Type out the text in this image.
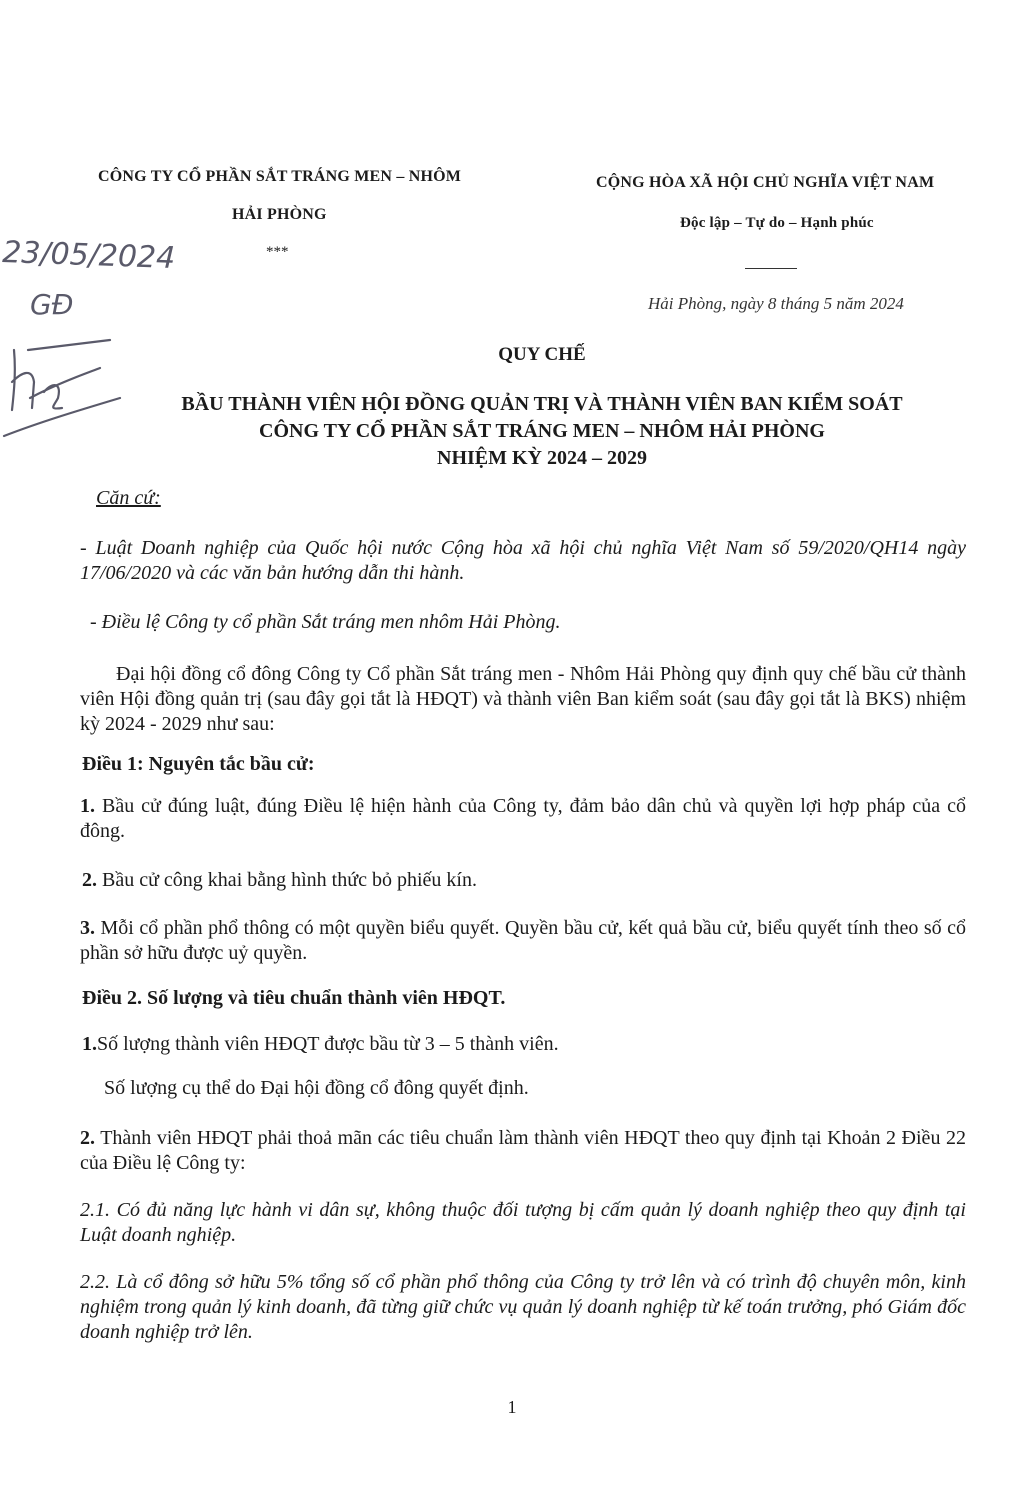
CÔNG TY CỔ PHẦN SẮT TRÁNG MEN – NHÔM
HẢI PHÒNG
***
CỘNG HÒA XÃ HỘI CHỦ NGHĨA VIỆT NAM
Độc lập – Tự do – Hạnh phúc
Hải Phòng, ngày 8 tháng 5 năm 2024
23/05/2024
GĐ
QUY CHẾ
BẦU THÀNH VIÊN HỘI ĐỒNG QUẢN TRỊ VÀ THÀNH VIÊN BAN KIỂM SOÁT
CÔNG TY CỔ PHẦN SẮT TRÁNG MEN – NHÔM HẢI PHÒNG
NHIỆM KỲ 2024 – 2029
Căn cứ:
- Luật Doanh nghiệp của Quốc hội nước Cộng hòa xã hội chủ nghĩa Việt Nam số 59/2020/QH14 ngày 17/06/2020 và các văn bản hướng dẫn thi hành.
- Điều lệ Công ty cổ phần Sắt tráng men nhôm Hải Phòng.
Đại hội đồng cổ đông Công ty Cổ phần Sắt tráng men - Nhôm Hải Phòng quy định quy chế bầu cử thành viên Hội đồng quản trị (sau đây gọi tắt là HĐQT) và thành viên Ban kiểm soát (sau đây gọi tắt là BKS) nhiệm kỳ 2024 - 2029 như sau:
Điều 1: Nguyên tắc bầu cử:
1. Bầu cử đúng luật, đúng Điều lệ hiện hành của Công ty, đảm bảo dân chủ và quyền lợi hợp pháp của cổ đông.
2. Bầu cử công khai bằng hình thức bỏ phiếu kín.
3. Mỗi cổ phần phổ thông có một quyền biểu quyết. Quyền bầu cử, kết quả bầu cử, biểu quyết tính theo số cổ phần sở hữu được uỷ quyền.
Điều 2. Số lượng và tiêu chuẩn thành viên HĐQT.
1.Số lượng thành viên HĐQT được bầu từ 3 – 5 thành viên.
Số lượng cụ thể do Đại hội đồng cổ đông quyết định.
2. Thành viên HĐQT phải thoả mãn các tiêu chuẩn làm thành viên HĐQT theo quy định tại Khoản 2 Điều 22 của Điều lệ Công ty:
2.1. Có đủ năng lực hành vi dân sự, không thuộc đối tượng bị cấm quản lý doanh nghiệp theo quy định tại Luật doanh nghiệp.
2.2. Là cổ đông sở hữu 5% tổng số cổ phần phổ thông của Công ty trở lên và có trình độ chuyên môn, kinh nghiệm trong quản lý kinh doanh, đã từng giữ chức vụ quản lý doanh nghiệp từ kế toán trưởng, phó Giám đốc doanh nghiệp trở lên.
1
